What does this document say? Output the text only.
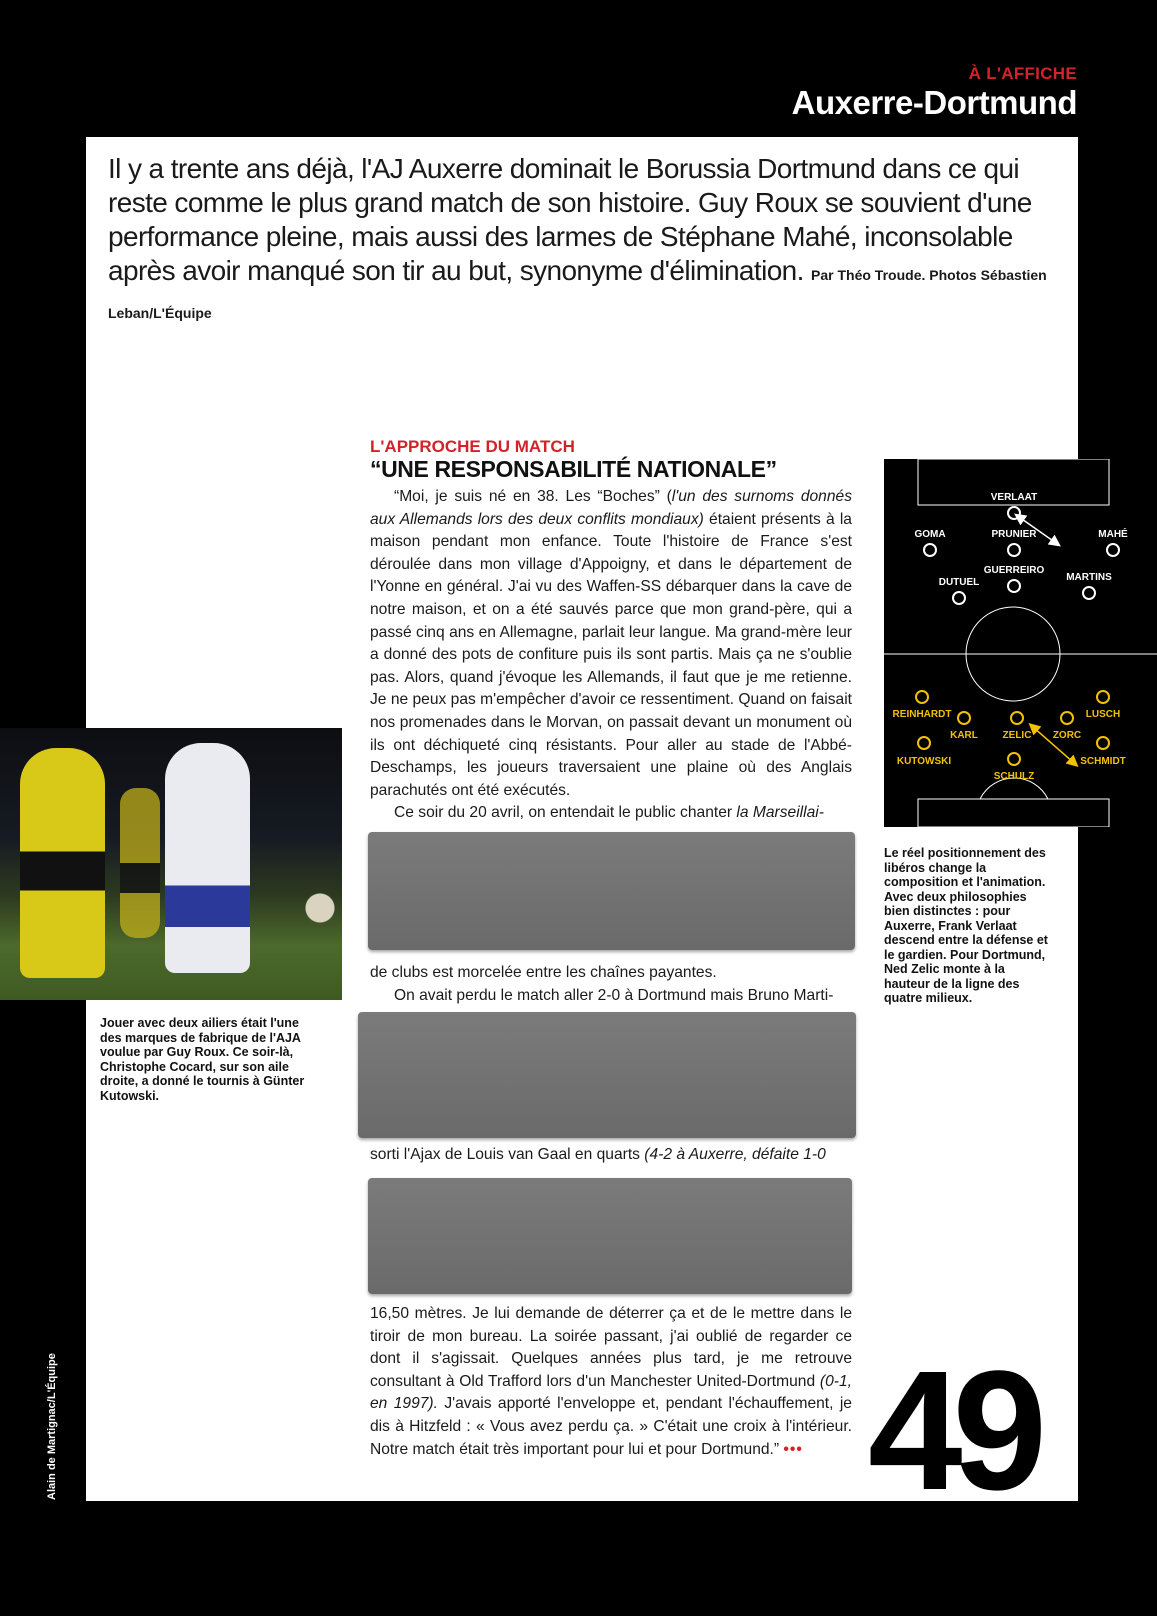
À L'AFFICHE
Auxerre-Dortmund
Il y a trente ans déjà, l'AJ Auxerre dominait le Borussia Dortmund dans ce qui reste comme le plus grand match de son histoire. Guy Roux se souvient d'une performance pleine, mais aussi des larmes de Stéphane Mahé, inconsolable après avoir manqué son tir au but, synonyme d'élimination. Par Théo Troude. Photos Sébastien Leban/L'Équipe
L'APPROCHE DU MATCH
“UNE RESPONSABILITÉ NATIONALE”
“Moi, je suis né en 38. Les “Boches” (l'un des surnoms donnés aux Allemands lors des deux conflits mondiaux) étaient présents à la maison pendant mon enfance. Toute l'histoire de France s'est déroulée dans mon village d'Appoigny, et dans le département de l'Yonne en général. J'ai vu des Waffen-SS débarquer dans la cave de notre maison, et on a été sauvés parce que mon grand-père, qui a passé cinq ans en Allemagne, parlait leur langue. Ma grand-mère leur a donné des pots de confiture puis ils sont partis. Mais ça ne s'oublie pas. Alors, quand j'évoque les Allemands, il faut que je me retienne. Je ne peux pas m'empêcher d'avoir ce ressentiment. Quand on faisait nos promenades dans le Morvan, on passait devant un monument où ils ont déchiqueté cinq résistants. Pour aller au stade de l'Abbé-Deschamps, les joueurs traversaient une plaine où des Anglais parachutés ont été exécutés.
Ce soir du 20 avril, on entendait le public chanter la Marseillai-
de clubs est morcelée entre les chaînes payantes.
On avait perdu le match aller 2-0 à Dortmund mais Bruno Marti-
sorti l'Ajax de Louis van Gaal en quarts (4-2 à Auxerre, défaite 1-0
16,50 mètres. Je lui demande de déterrer ça et de le mettre dans le tiroir de mon bureau. La soirée passant, j'ai oublié de regarder ce dont il s'agissait. Quelques années plus tard, je me retrouve consultant à Old Trafford lors d'un Manchester United-Dortmund (0-1, en 1997). J'avais apporté l'enveloppe et, pendant l'échauffement, je dis à Hitzfeld : « Vous avez perdu ça. » C'était une croix à l'intérieur. Notre match était très important pour lui et pour Dortmund.” •••
Jouer avec deux ailiers était l'une des marques de fabrique de l'AJA voulue par Guy Roux. Ce soir-là, Christophe Cocard, sur son aile droite, a donné le tournis à Günter Kutowski.
VERLAAT
GOMA	PRUNIER	MAHÉ
DUTUEL
GUERREIRO
MARTINS
REINHARDT
KARL ZELIC ZORC
LUSCH
KUTOWSKI
SCHULZ
SCHMIDT
Le réel positionnement des libéros change la composition et l'animation. Avec deux philosophies bien distinctes : pour Auxerre, Frank Verlaat descend entre la défense et le gardien. Pour Dortmund, Ned Zelic monte à la hauteur de la ligne des quatre milieux.
49
Alain de Martignac/L'Équipe
